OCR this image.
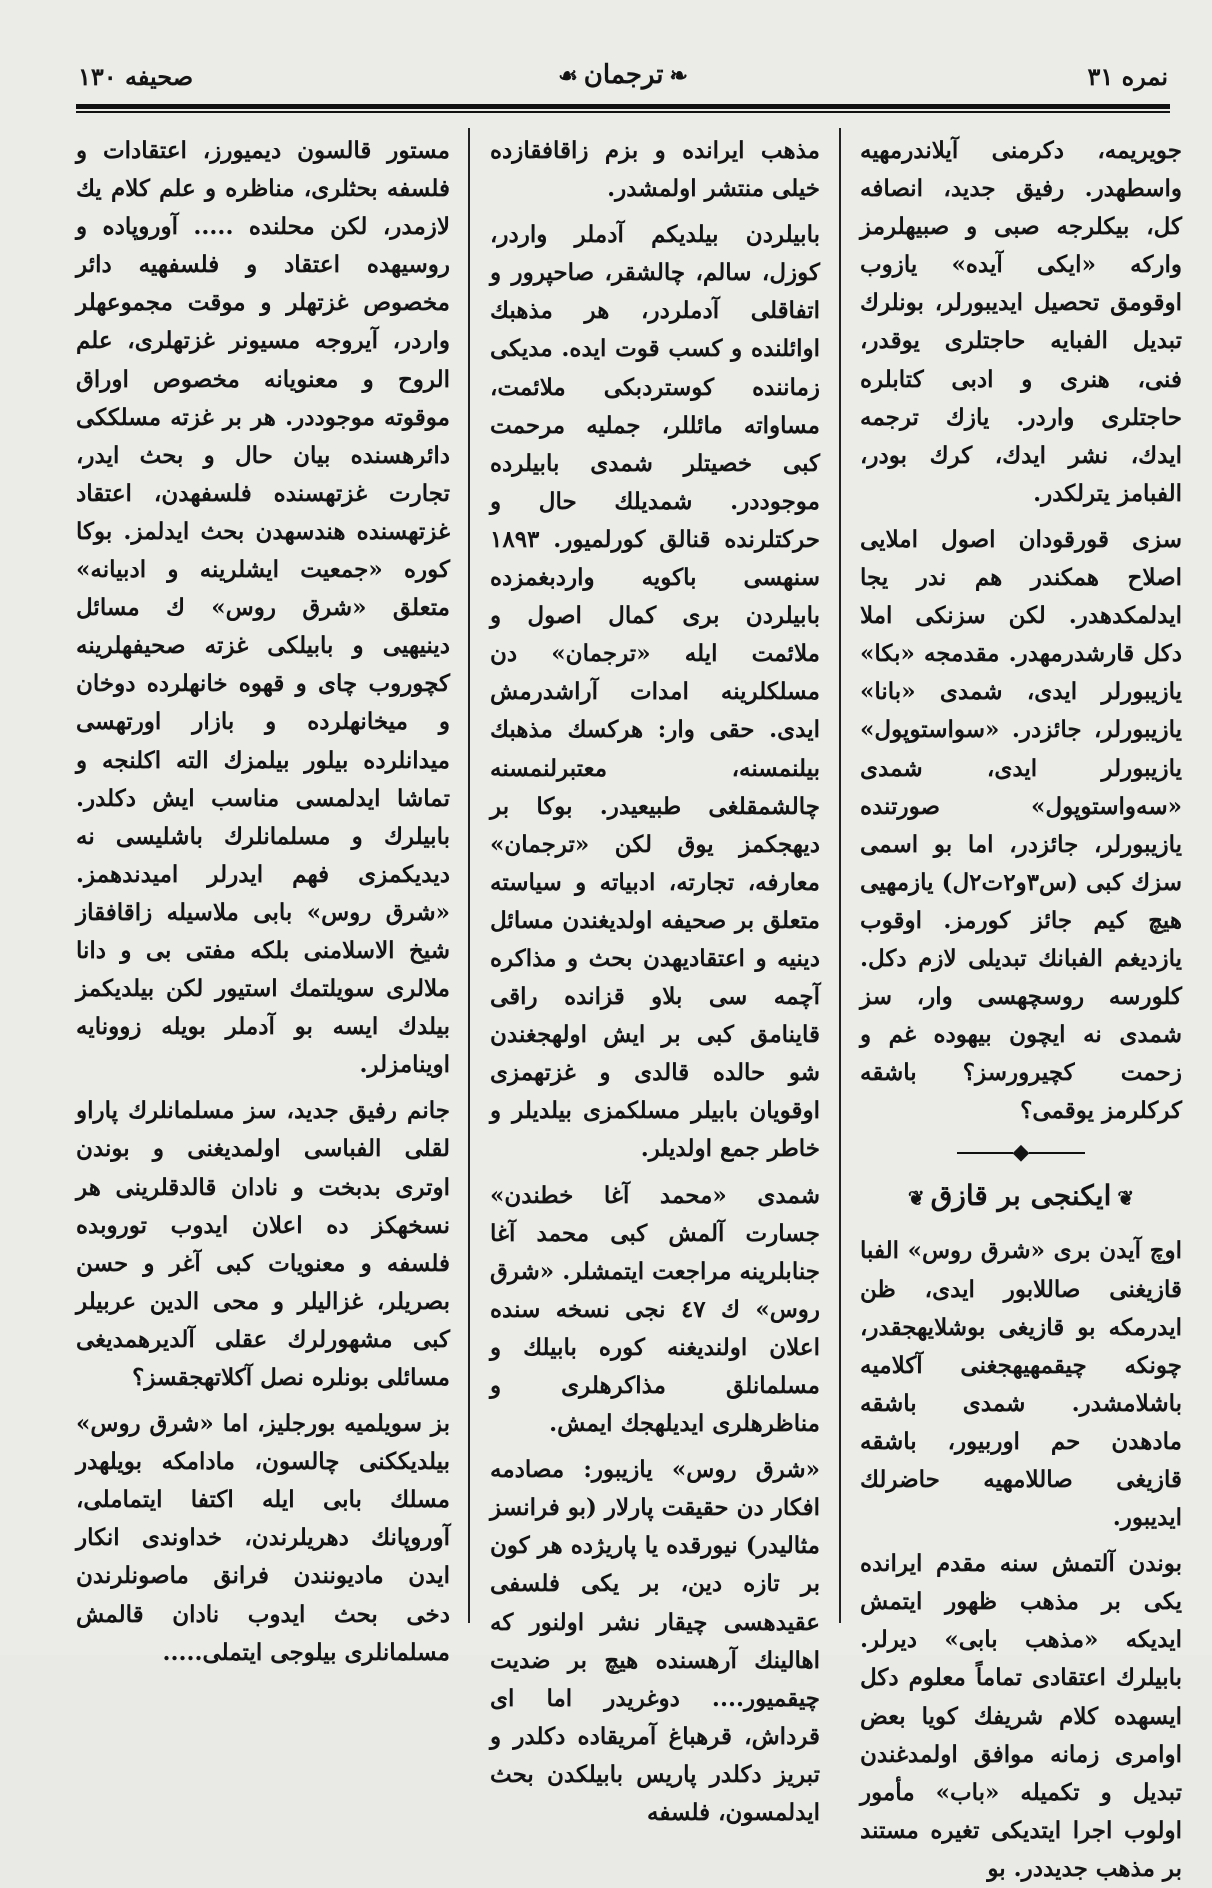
نمره ٣١
❧ترجمان☙
صحيفه ١٣٠

جويريمه، دكرمنى آيلاندرمهيه واسطهدر. رفيق جديد، انصافه كل، بيكلرجه صبى و صبيهلرمز واركه «ايكى آيده» يازوب اوقومق تحصيل ايديبورلر، بونلرك تبديل الفبايه حاجتلرى يوقدر، فنى، هنرى و ادبى كتابلره حاجتلرى واردر. يازك ترجمه ايدك، نشر ايدك، كرك بودر، الفبامز يترلكدر.

سزى قورقودان اصول املايى اصلاح همكندر هم ندر يجا ايدلمكدهدر. لكن سزنكى املا دكل قارشدرمهدر. مقدمجه «بكا» يازيبورلر ايدى، شمدى «بانا» يازيبورلر، جائزدر. «سواستوپول» يازيبورلر ايدى، شمدى «سەواستوپول» صورتنده يازيبورلر، جائزدر، اما بو اسمى سزك كبى (س٣و٢ت٢ل) يازمهيى هيچ كيم جائز كورمز. اوقوب يازديغم الفبانك تبديلى لازم دكل. كلورسه روسچهسى وار، سز شمدى نه ايچون بيهوده غم و زحمت كچيرورسز؟ باشقه كركلرمز يوقمى؟

◆
❦ايكنجى بر قازق❦

اوچ آيدن برى «شرق روس» الفبا قازيغنى صاللابور ايدى، ظن ايدرمكه بو قازيغى بوشلايهجقدر، چونكه چيقمهيهجغنى آكلاميه باشلامشدر. شمدى باشقه مادهدن حم اوربيور، باشقه قازيغى صاللامهيه حاضرلك ايديبور.

بوندن آلتمش سنه مقدم ايرانده يكى بر مذهب ظهور ايتمش ايديكه «مذهب بابى» ديرلر. بابيلرك اعتقادى تماماً معلوم دكل ايسهده كلام شريفك كويا بعض اوامرى زمانه موافق اولمدغندن تبديل و تكميله «باب» مأمور اولوب اجرا ايتديكى تغيره مستند بر مذهب جديددر. بو

مذهب ايرانده و بزم زاقافقازده خيلى منتشر اولمشدر.

بابيلردن بيلديكم آدملر واردر، كوزل، سالم، چالشقر، صاحپرور و اتفاقلى آدملردر، هر مذهبك اوائلنده و كسب قوت ايده. مديكى زماننده كوستردبكى ملائمت، مساواته مائللر، جمليه مرحمت كبى خصيتلر شمدى بابيلرده موجوددر. شمديلك حال و حركتلرنده قنالق كورلميور. ١٨٩٣ سنهسى باكويه واردبغمزده بابيلردن برى كمال اصول و ملائمت ايله «ترجمان» دن مسلكلرينه امدات آراشدرمش ايدى. حقى وار: هركسك مذهبك بيلنمسنه، معتبرلنمسنه چالشمقلغى طبيعيدر. بوكا بر ديهجكمز يوق لكن «ترجمان» معارفه، تجارته، ادبياته و سياسته متعلق بر صحيفه اولديغندن مسائل دينيه و اعتقاديهدن بحث و مذاكره آچمه سى بلاو قزانده راقى قاينامق كبى بر ايش اولهجغندن شو حالده قالدى و غزتهمزى اوقويان بابيلر مسلكمزى بيلديلر و خاطر جمع اولديلر.

شمدى «محمد آغا خطندن» جسارت آلمش كبى محمد آغا جنابلرينه مراجعت ايتمشلر. «شرق روس» ك ٤٧ نجى نسخه سنده اعلان اولنديغنه كوره بابيلك و مسلمانلق مذاكرهلرى و مناظرهلرى ايديلهجك ايمش.

«شرق روس» يازيبور: مصادمه افكار دن حقيقت پارلار (بو فرانسز مثاليدر) نيورقده يا پاريژده هر كون بر تازه دين، بر يكى فلسفى عقيدهسى چيقار نشر اولنور كه اهالينك آرهسنده هيچ بر ضديت چيقميور.... دوغريدر اما اى قرداش، قرهباغ آمريقاده دكلدر و تبريز دكلدر پاريس بابيلكدن بحث ايدلمسون، فلسفه

مستور قالسون ديميورز، اعتقادات و فلسفه بحثلرى، مناظره و علم كلام يك لازمدر، لكن محلنده ..... آوروپاده و روسيهده اعتقاد و فلسفهيه دائر مخصوص غزتهلر و موقت مجموعهلر واردر، آيروجه مسيونر غزتهلرى، علم الروح و معنويانه مخصوص اوراق موقوته موجوددر. هر بر غزته مسلككى دائرهسنده بيان حال و بحث ايدر، تجارت غزتهسنده فلسفهدن، اعتقاد غزتهسنده هندسهدن بحث ايدلمز. بوكا كوره «جمعيت ايشلرينه و ادبيانه» متعلق «شرق روس» ك مسائل دينيهيى و بابيلكى غزته صحيفهلرينه كچوروب چاى و قهوه خانهلرده دوخان و ميخانهلرده و بازار اورتهسى ميدانلرده بيلور بيلمزك الته اكلنجه و تماشا ايدلمسى مناسب ايش دكلدر. بابيلرك و مسلمانلرك باشليسى نه ديديكمزى فهم ايدرلر اميدندهمز. «شرق روس» بابى ملاسيله زاقافقاز شيخ الاسلامنى بلكه مفتى بى و دانا ملالرى سويلتمك استيور لكن بيلديكمز بيلدك ايسه بو آدملر بويله زوونايه اوينامزلر.

جانم رفيق جديد، سز مسلمانلرك پاراو لقلى الفباسى اولمديغنى و بوندن اوترى بدبخت و نادان قالدقلرينى هر نسخهكز ده اعلان ايدوب توروبده فلسفه و معنويات كبى آغر و حسن بصريلر، غزاليلر و محى الدين عربيلر كبى مشهورلرك عقلى آلديرهمديغى مسائلى بونلره نصل آكلاتهجقسز؟

بز سويلميه بورجليز، اما «شرق روس» بيلديككنى چالسون، مادامكه بويلهدر مسلك بابى ايله اكتفا ايتماملى، آوروپانك دهريلرندن، خداوندى انكار ايدن ماديونندن فرانق ماصونلرندن دخى بحث ايدوب نادان قالمش مسلمانلرى بيلوجى ايتملى.....
